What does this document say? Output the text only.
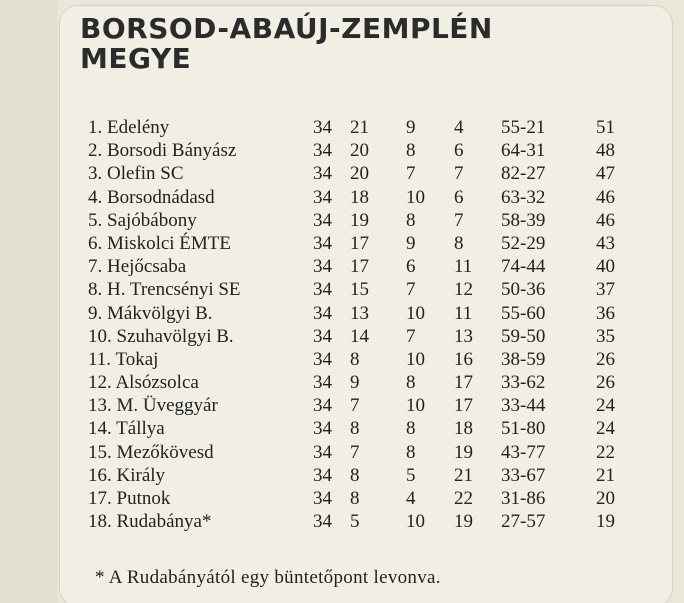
BORSOD-ABAÚJ-ZEMPLÉN
MEGYE
1. Edelény	34 21 9 4 55-21	51
2. Borsodi Bányász	34 20 8 6 64-31	48
3. Olefin SC	34 20 7 7 82-27	47
4. Borsodnádasd	34 18 10 6 63-32	46
5. Sajóbábony	34 19 8 7 58-39	46
6. Miskolci ÉMTE	34 17 9 8 52-29	43
7. Hejőcsaba	34 17 6 11 74-44	40
8. H. Trencsényi SE	34 15 7 12 50-36	37
9. Mákvölgyi B.	34 13 10 11 55-60	36
10. Szuhavölgyi B.	34 14 7 13 59-50	35
11. Tokaj	34 8 10 16 38-59	26
12. Alsózsolca	34 9 8 17 33-62	26
13. M. Üveggyár	34 7 10 17 33-44	24
14. Tállya	34 8 8 18 51-80	24
15. Mezőkövesd	34 7 8 19 43-77	22
16. Király	34 8 5 21 33-67	21
17. Putnok	34 8 4 22 31-86	20
18. Rudabánya*	34 5 10 19 27-57	19
* A Rudabányától egy büntetőpont levonva.
